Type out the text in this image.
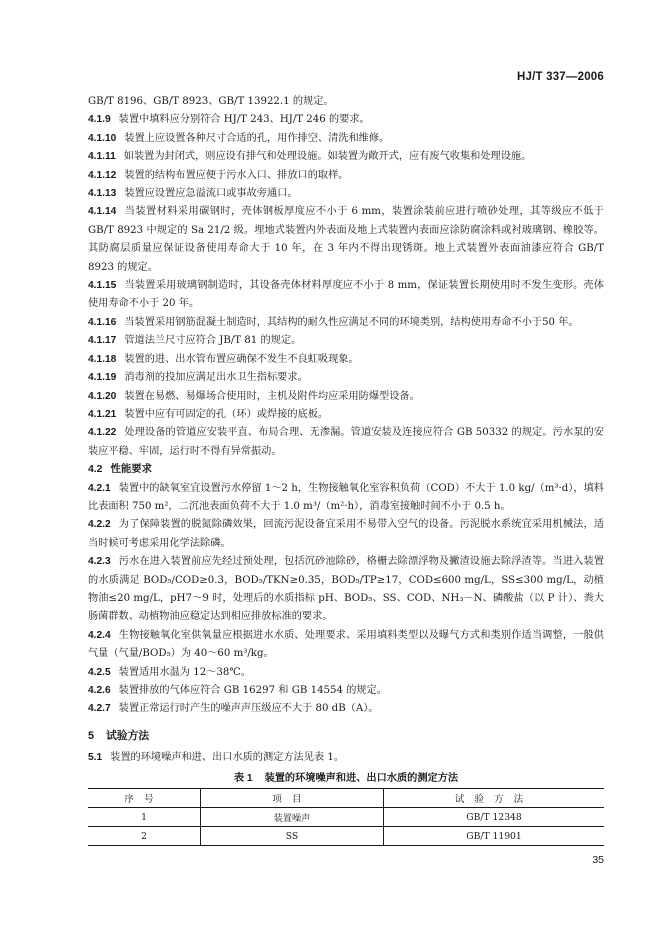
HJ/T 337—2006

GB/T 8196、GB/T 8923、GB/T 13922.1 的规定。

4.1.9 装置中填料应分别符合 HJ/T 243、HJ/T 246 的要求。

4.1.10 装置上应设置各种尺寸合适的孔，用作排空、清洗和维修。

4.1.11 如装置为封闭式，则应设有排气和处理设施。如装置为敞开式，应有废气收集和处理设施。

4.1.12 装置的结构布置应便于污水入口、排放口的取样。

4.1.13 装置应设置应急溢流口或事故旁通口。

4.1.14 当装置材料采用碳钢时，壳体钢板厚度应不小于 6 mm，装置涂装前应进行喷砂处理，其等级应不低于 GB/T 8923 中规定的 Sa 21/2 级。埋地式装置内外表面及地上式装置内表面应涂防腐涂料或衬玻璃钢、橡胶等。其防腐层质量应保证设备使用寿命大于 10 年，在 3 年内不得出现锈斑。地上式装置外表面油漆应符合 GB/T 8923 的规定。

4.1.15 当装置采用玻璃钢制造时，其设备壳体材料厚度应不小于 8 mm，保证装置长期使用时不发生变形。壳体使用寿命不小于 20 年。

4.1.16 当装置采用钢筋混凝土制造时，其结构的耐久性应满足不同的环境类别，结构使用寿命不小于50 年。

4.1.17 管道法兰尺寸应符合 JB/T 81 的规定。

4.1.18 装置的进、出水管布置应确保不发生不良虹吸现象。

4.1.19 消毒剂的投加应满足出水卫生指标要求。

4.1.20 装置在易燃、易爆场合使用时，主机及附件均应采用防爆型设备。

4.1.21 装置中应有可固定的孔（环）或焊接的底板。

4.1.22 处理设备的管道应安装平直、布局合理、无渗漏。管道安装及连接应符合 GB 50332 的规定。污水泵的安装应平稳、牢固，运行时不得有异常振动。

4.2 性能要求

4.2.1 装置中的缺氧室宜设置污水停留 1～2 h，生物接触氧化室容积负荷（COD）不大于 1.0 kg/（m³·d），填料比表面积 750 m²，二沉池表面负荷不大于 1.0 m³/（m²·h），消毒室接触时间不小于 0.5 h。

4.2.2 为了保障装置的脱氮除磷效果，回流污泥设备宜采用不易带入空气的设备。污泥脱水系统宜采用机械法，适当时候可考虑采用化学法除磷。

4.2.3 污水在进入装置前应先经过预处理，包括沉砂池除砂，格栅去除漂浮物及撇渣设施去除浮渣等。当进入装置的水质满足 BOD₅/COD≥0.3，BOD₅/TKN≥0.35，BOD₅/TP≥17，COD≤600 mg/L，SS≤300 mg/L，动植物油≤20 mg/L，pH7～9 时，处理后的水质指标 pH、BOD₅、SS、COD、NH₃－N、磷酸盐（以 P 计）、粪大肠菌群数、动植物油应稳定达到相应排放标准的要求。

4.2.4 生物接触氧化室供氧量应根据进水水质、处理要求、采用填料类型以及曝气方式和类别作适当调整，一般供气量（气量/BOD₅）为 40～60 m³/kg。

4.2.5 装置适用水温为 12～38℃。

4.2.6 装置排放的气体应符合 GB 16297 和 GB 14554 的规定。

4.2.7 装置正常运行时产生的噪声声压级应不大于 80 dB（A）。

5 试验方法

5.1 装置的环境噪声和进、出口水质的测定方法见表 1。

表 1 装置的环境噪声和进、出口水质的测定方法
序号	项目	试验方法
1	装置噪声	GB/T 12348
2	SS	GB/T 11901
35
